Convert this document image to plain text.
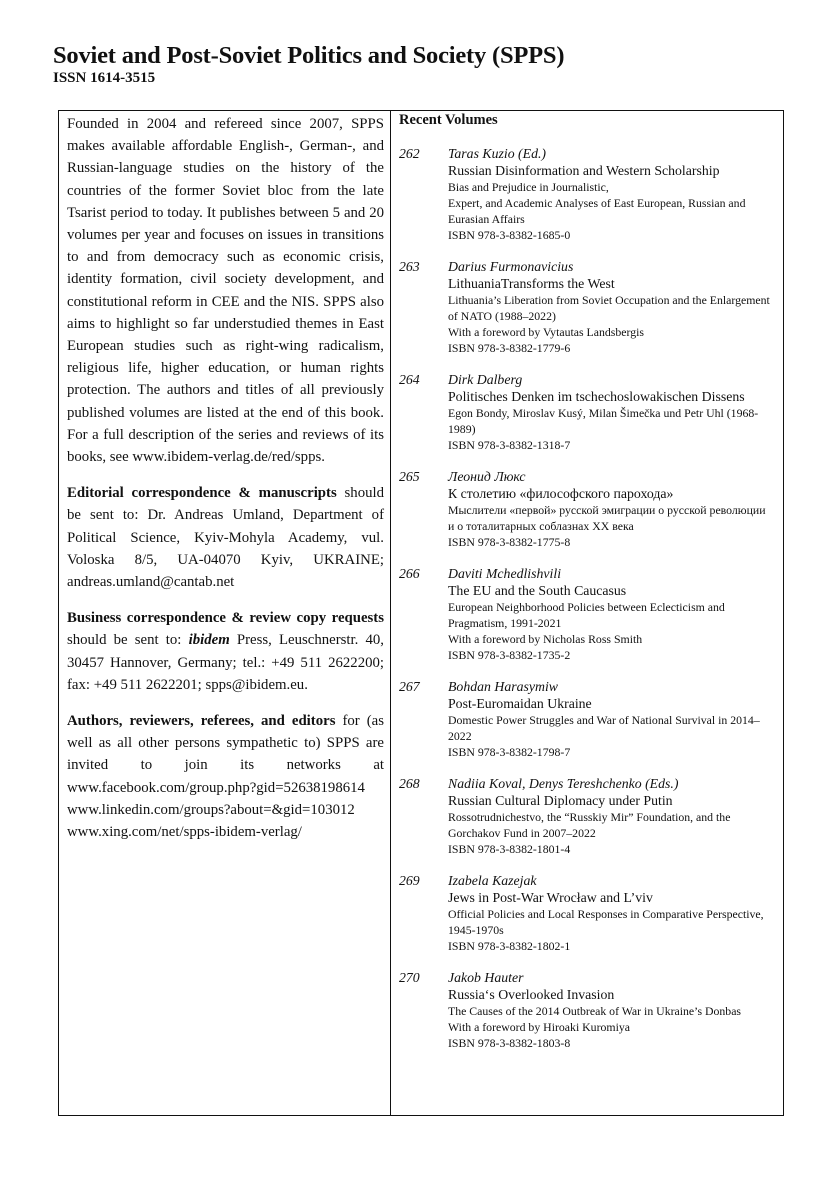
Soviet and Post-Soviet Politics and Society (SPPS)
ISSN 1614-3515

Founded in 2004 and refereed since 2007, SPPS makes available affordable English-, German-, and Russian-language studies on the history of the countries of the former Soviet bloc from the late Tsarist period to today. It publishes between 5 and 20 volumes per year and focuses on issues in transitions to and from democracy such as economic crisis, identity formation, civil society development, and constitutional reform in CEE and the NIS. SPPS also aims to highlight so far understudied themes in East European studies such as right-wing radicalism, religious life, higher education, or human rights protection. The authors and titles of all previously published volumes are listed at the end of this book. For a full description of the series and reviews of its books, see www.ibidem-verlag.de/red/spps.

Editorial correspondence & manuscripts should be sent to: Dr. Andreas Umland, Department of Political Science, Kyiv-Mohyla Academy, vul. Voloska 8/5, UA-04070 Kyiv, UKRAINE; andreas.umland@cantab.net

Business correspondence & review copy requests should be sent to: ibidem Press, Leuschnerstr. 40, 30457 Hannover, Germany; tel.: +49 511 2622200; fax: +49 511 2622201; spps@ibidem.eu.

Authors, reviewers, referees, and editors for (as well as all other persons sympathetic to) SPPS are invited to join its networks at www.facebook.com/group.php?gid=52638198614 www.linkedin.com/groups?about=&gid=103012 www.xing.com/net/spps-ibidem-verlag/

Recent Volumes
262 Taras Kuzio (Ed.)
Russian Disinformation and Western Scholarship
Bias and Prejudice in Journalistic,
Expert, and Academic Analyses of East European, Russian and Eurasian Affairs
ISBN 978-3-8382-1685-0
263 Darius Furmonavicius
LithuaniaTransforms the West
Lithuania’s Liberation from Soviet Occupation and the Enlargement of NATO (1988–2022)
With a foreword by Vytautas Landsbergis
ISBN 978-3-8382-1779-6
264 Dirk Dalberg
Politisches Denken im tschechoslowakischen Dissens
Egon Bondy, Miroslav Kusý, Milan Šimečka und Petr Uhl (1968-1989)
ISBN 978-3-8382-1318-7
265 Леонид Люкс
К столетию «философского парохода»
Мыслители «первой» русской эмиграции о русской революции и о тоталитарных соблазнах ХХ века
ISBN 978-3-8382-1775-8
266 Daviti Mchedlishvili
The EU and the South Caucasus
European Neighborhood Policies between Eclecticism and Pragmatism, 1991-2021
With a foreword by Nicholas Ross Smith
ISBN 978-3-8382-1735-2
267 Bohdan Harasymiw
Post-Euromaidan Ukraine
Domestic Power Struggles and War of National Survival in 2014–2022
ISBN 978-3-8382-1798-7
268 Nadiia Koval, Denys Tereshchenko (Eds.)
Russian Cultural Diplomacy under Putin
Rossotrudnichestvo, the “Russkiy Mir” Foundation, and the Gorchakov Fund in 2007–2022
ISBN 978-3-8382-1801-4
269 Izabela Kazejak
Jews in Post-War Wrocław and L’viv
Official Policies and Local Responses in Comparative Perspective, 1945-1970s
ISBN 978-3-8382-1802-1
270 Jakob Hauter
Russia‘s Overlooked Invasion
The Causes of the 2014 Outbreak of War in Ukraine’s Donbas
With a foreword by Hiroaki Kuromiya
ISBN 978-3-8382-1803-8
